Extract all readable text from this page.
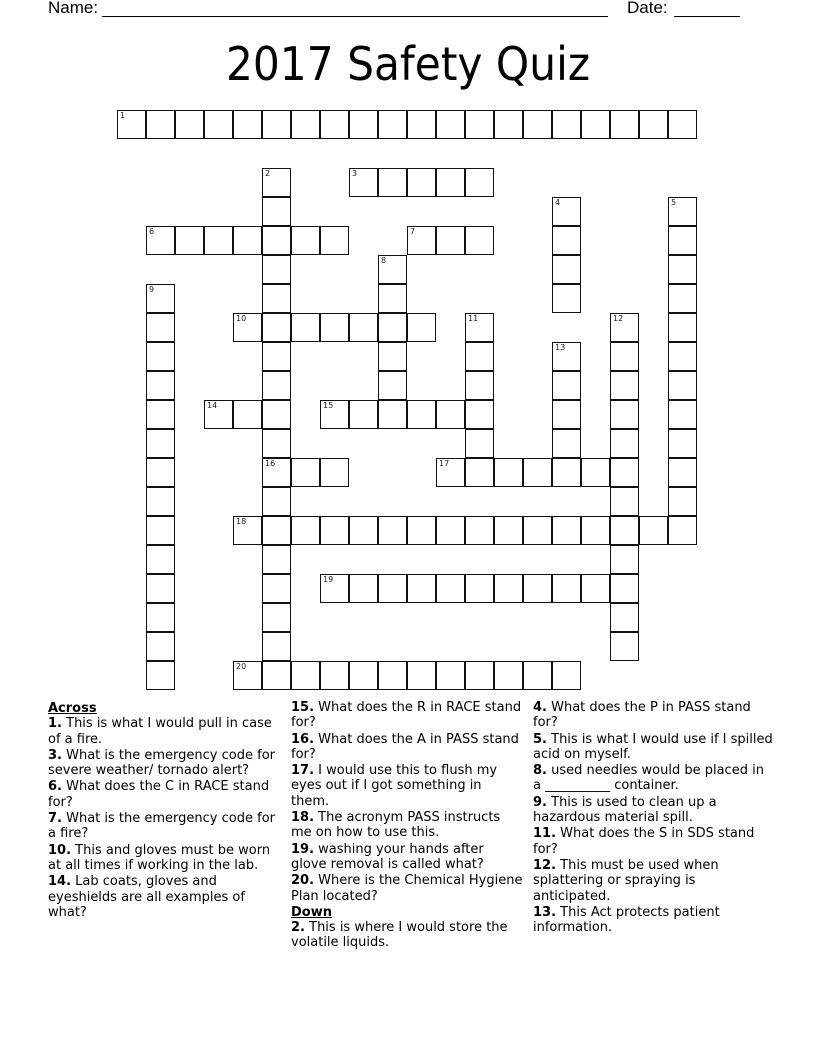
Name:	Date:
2017 Safety Quiz
1
2
16
3
4	5
6	7
8
9
10	11	12
13
14	15
17
18
19
20
Across
1. This is what I would pull in case of a fire.
3. What is the emergency code for severe weather/ tornado alert?
6. What does the C in RACE stand for?
7. What is the emergency code for a fire?
10. This and gloves must be worn at all times if working in the lab.
14. Lab coats, gloves and eyeshields are all examples of what?
15. What does the R in RACE stand for?
16. What does the A in PASS stand for?
17. I would use this to flush my eyes out if I got something in them.
18. The acronym PASS instructs me on how to use this.
19. washing your hands after glove removal is called what?
20. Where is the Chemical Hygiene Plan located?
Down
2. This is where I would store the volatile liquids.
4. What does the P in PASS stand for?
5. This is what I would use if I spilled acid on myself.
8. used needles would be placed in a __________ container.
9. This is used to clean up a hazardous material spill.
11. What does the S in SDS stand for?
12. This must be used when splattering or spraying is anticipated.
13. This Act protects patient information.
